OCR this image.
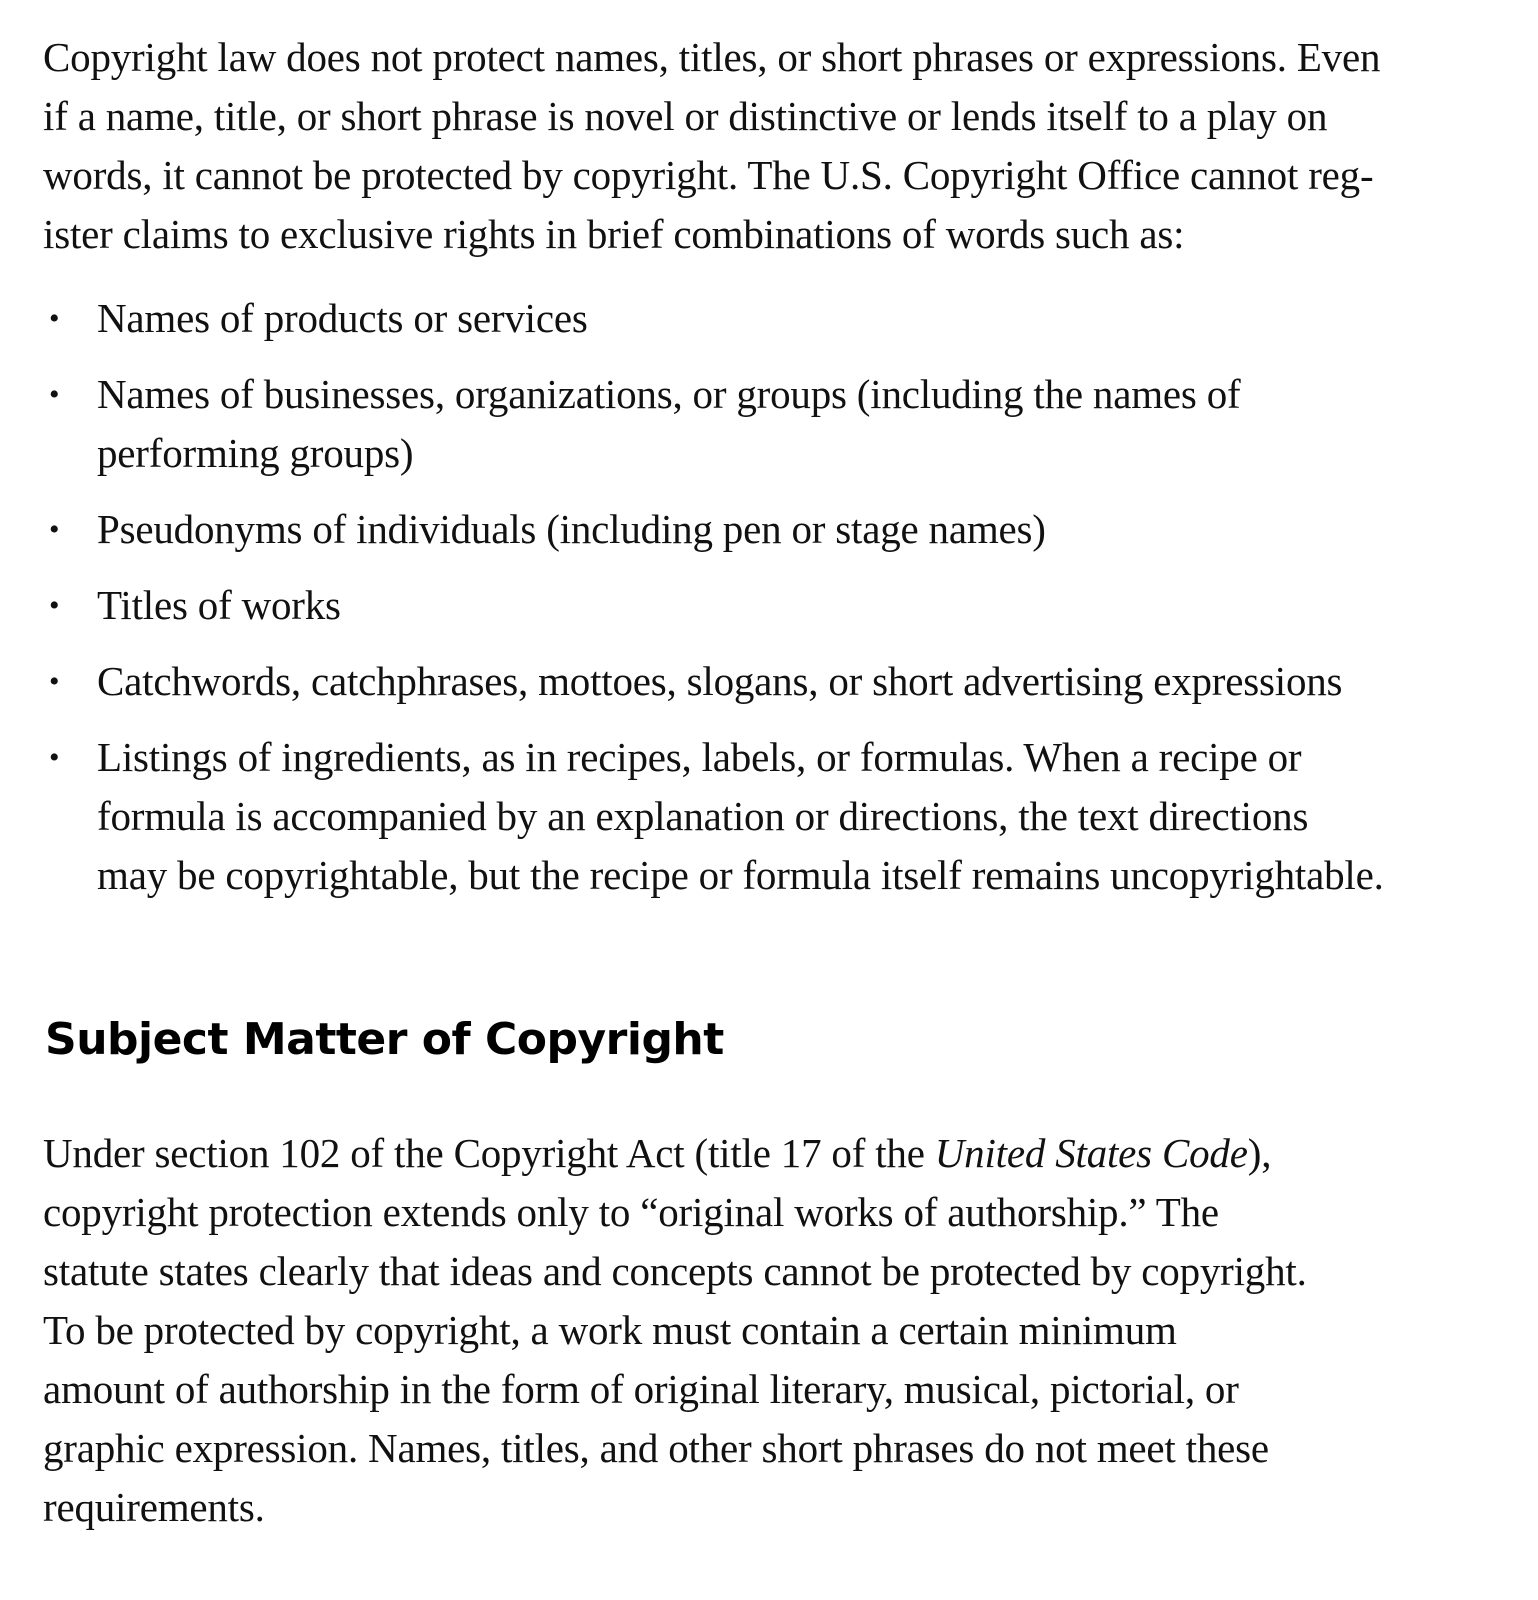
Copyright law does not protect names, titles, or short phrases or expressions. Even
if a name, title, or short phrase is novel or distinctive or lends itself to a play on
words, it cannot be protected by copyright. The U.S. Copyright Office cannot reg-
ister claims to exclusive rights in brief combinations of words such as:

• Names of products or services
• Names of businesses, organizations, or groups (including the names of
performing groups)
• Pseudonyms of individuals (including pen or stage names)
• Titles of works
• Catchwords, catchphrases, mottoes, slogans, or short advertising expressions
• Listings of ingredients, as in recipes, labels, or formulas. When a recipe or
formula is accompanied by an explanation or directions, the text directions
may be copyrightable, but the recipe or formula itself remains uncopyrightable.
Subject Matter of Copyright

Under section 102 of the Copyright Act (title 17 of the United States Code),
copyright protection extends only to “original works of authorship.” The
statute states clearly that ideas and concepts cannot be protected by copyright.
To be protected by copyright, a work must contain a certain minimum
amount of authorship in the form of original literary, musical, pictorial, or
graphic expression. Names, titles, and other short phrases do not meet these
requirements.
